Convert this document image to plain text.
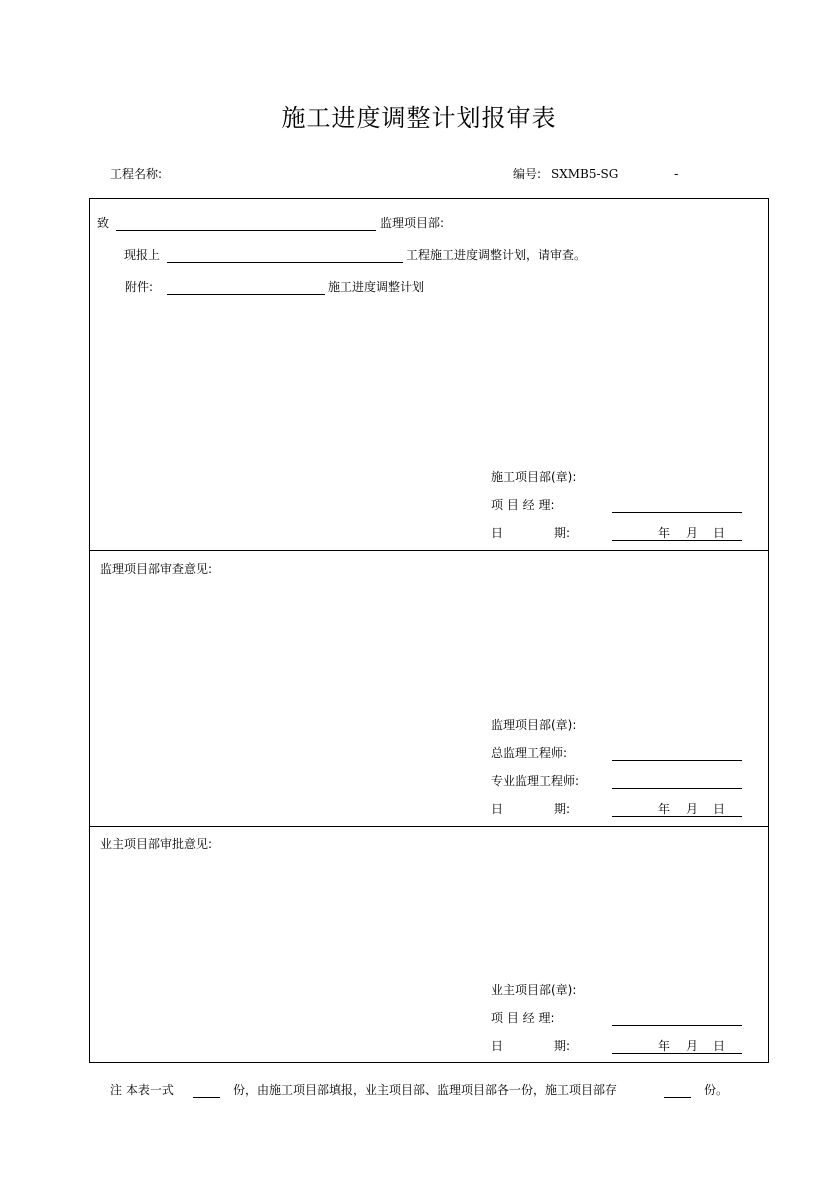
施工进度调整计划报审表
工程名称:	编号: SXMB5-SG	-
致	监理项目部:
现报上	工程施工进度调整计划，请审查。
附件:	施工进度调整计划
施工项目部(章):
项 目 经 理:
日	期:	年 月 日
监理项目部审查意见:
监理项目部(章):
总监理工程师:
专业监理工程师:
日	期:	年 月 日
业主项目部审批意见:
业主项目部(章):
项 目 经 理:
日	期:	年 月 日
注 本表一式	份，由施工项目部填报，业主项目部、监理项目部各一份，施工项目部存	份。
